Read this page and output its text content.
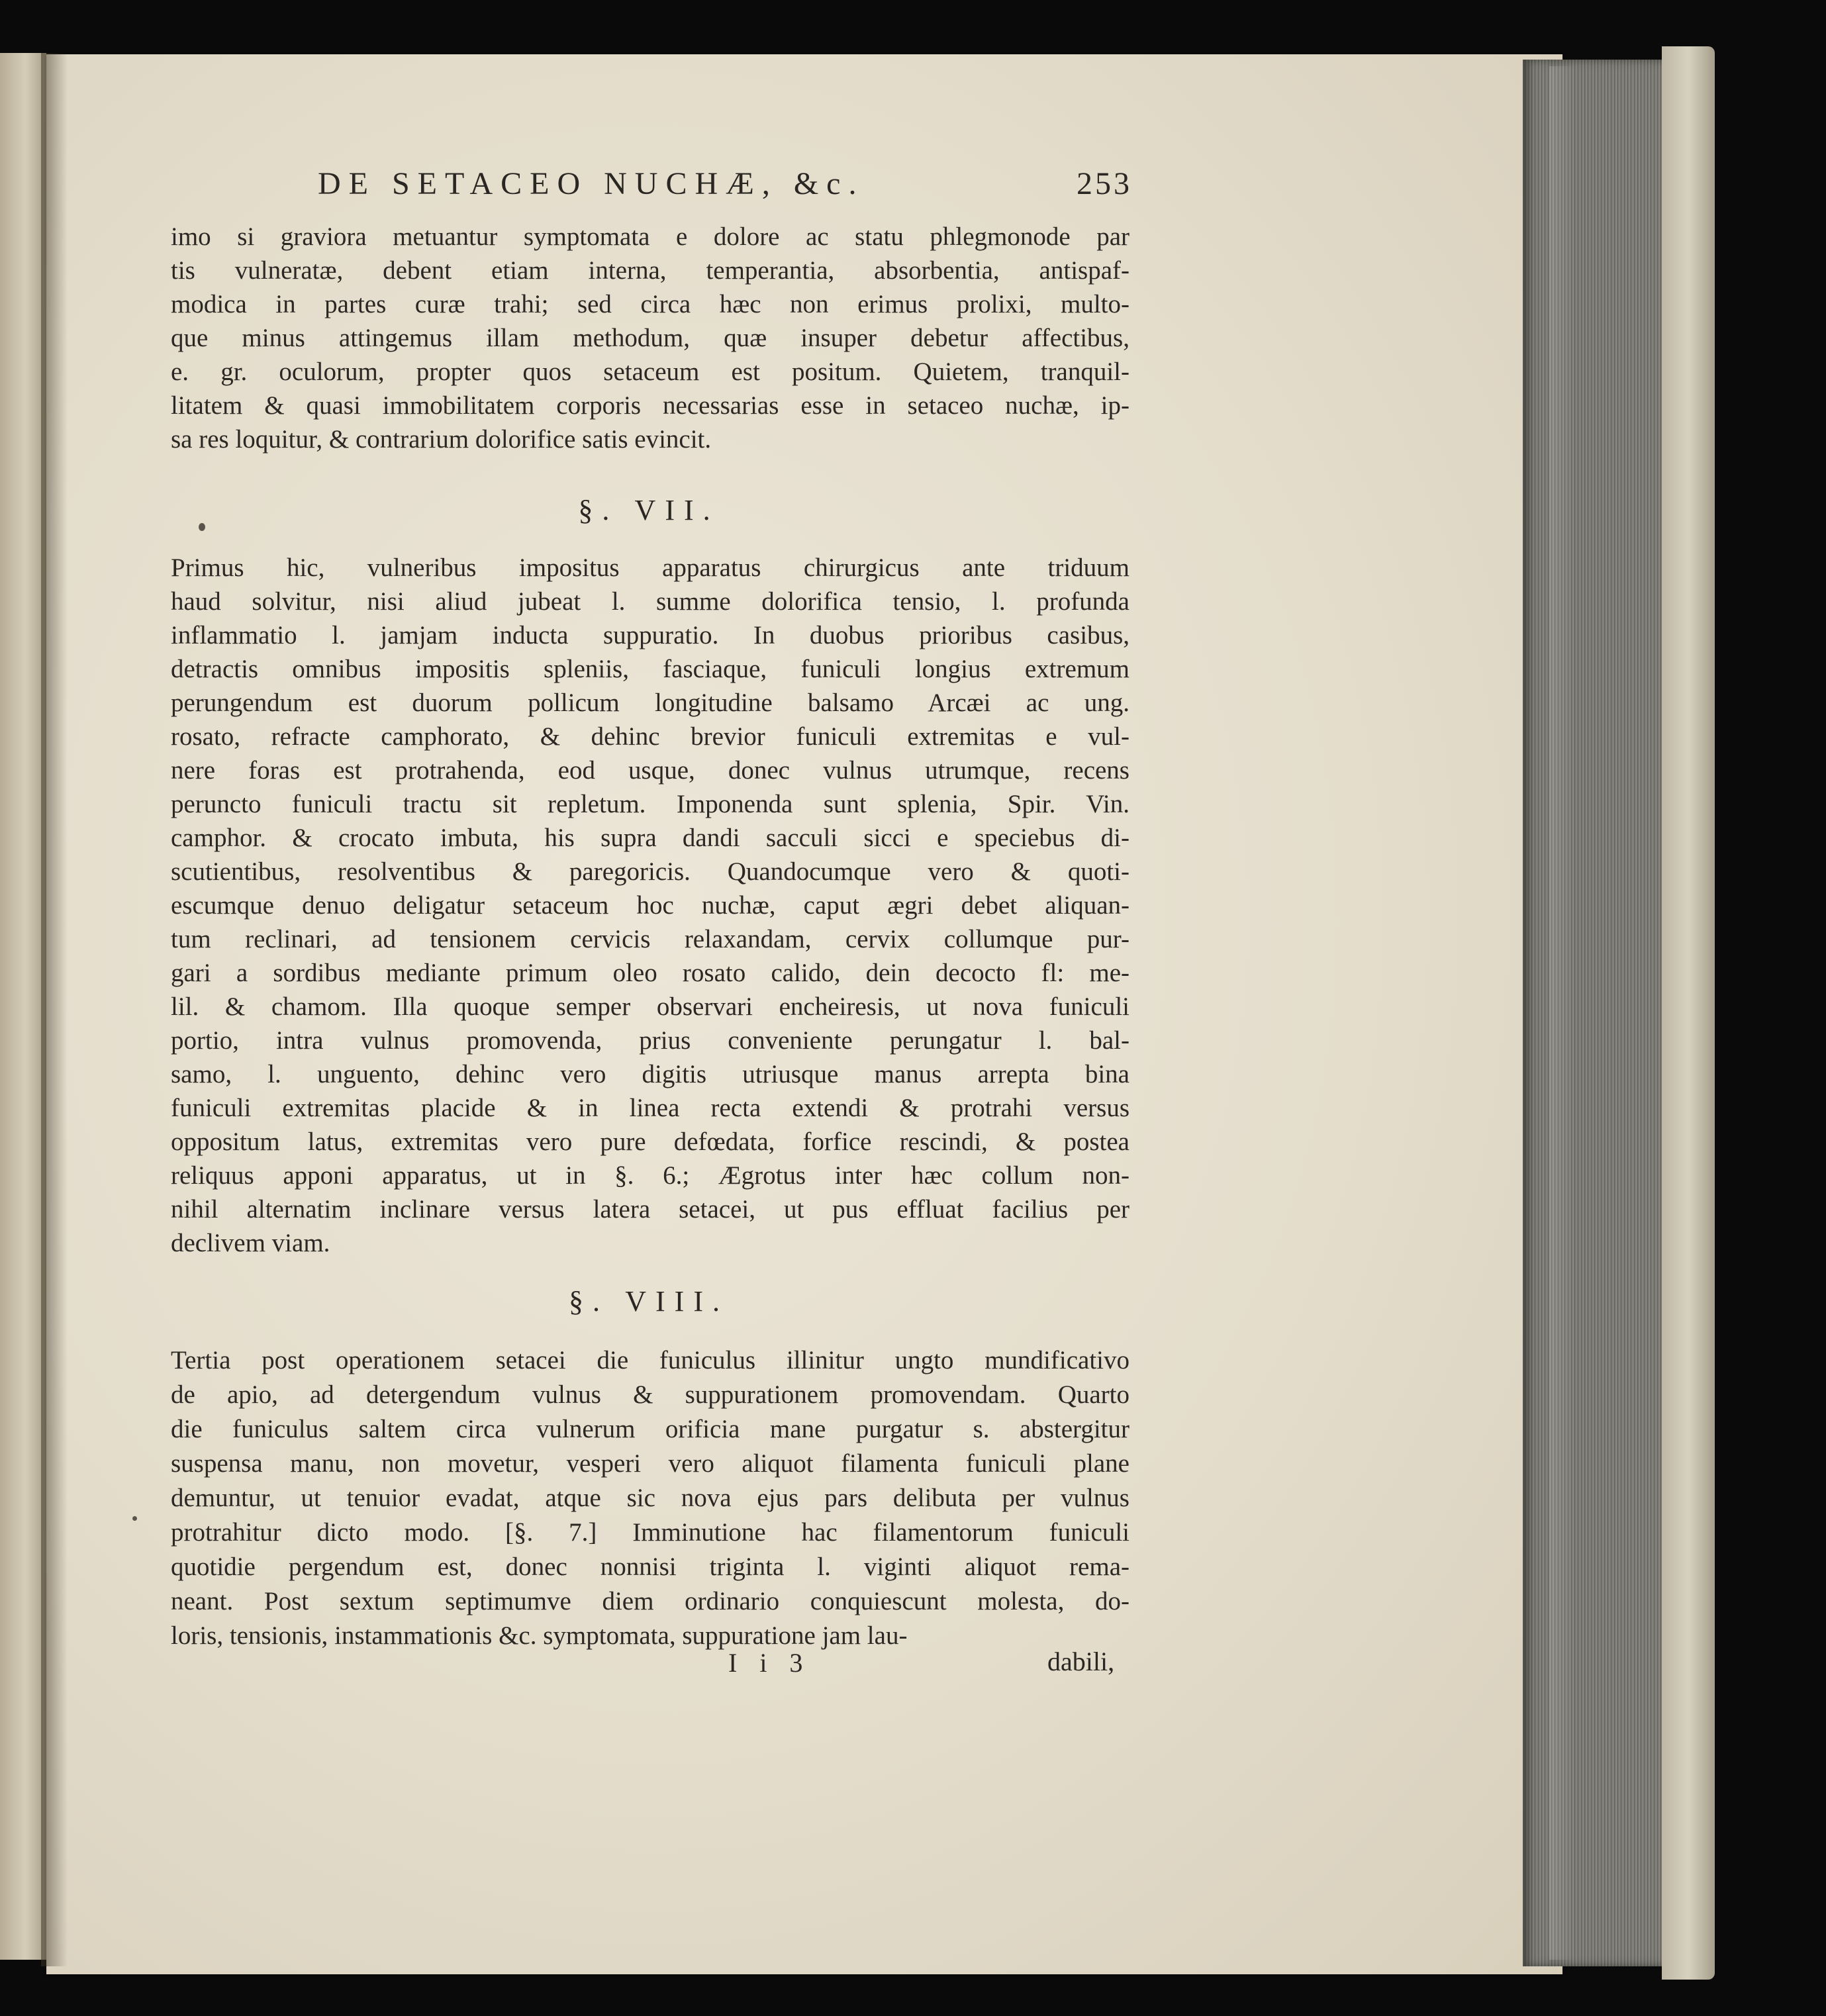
DE SETACEO NUCHÆ, &c.	253
imo si graviora metuantur symptomata e dolore ac statu phlegmonode par
tis vulneratæ, debent etiam interna, temperantia, absorbentia, antispaf-
modica in partes curæ trahi; sed circa hæc non erimus prolixi, multo-
que minus attingemus illam methodum, quæ insuper debetur affectibus,
e. gr. oculorum, propter quos setaceum est positum. Quietem, tranquil-
litatem & quasi immobilitatem corporis necessarias esse in setaceo nuchæ, ip-
sa res loquitur, & contrarium dolorifice satis evincit.
§. VII.
Primus hic, vulneribus impositus apparatus chirurgicus ante triduum
haud solvitur, nisi aliud jubeat l. summe dolorifica tensio, l. profunda
inflammatio l. jamjam inducta suppuratio. In duobus prioribus casibus,
detractis omnibus impositis spleniis, fasciaque, funiculi longius extremum
perungendum est duorum pollicum longitudine balsamo Arcæi ac ung.
rosato, refracte camphorato, & dehinc brevior funiculi extremitas e vul-
nere foras est protrahenda, eod usque, donec vulnus utrumque, recens
peruncto funiculi tractu sit repletum. Imponenda sunt splenia, Spir. Vin.
camphor. & crocato imbuta, his supra dandi sacculi sicci e speciebus di-
scutientibus, resolventibus & paregoricis. Quandocumque vero & quoti-
escumque denuo deligatur setaceum hoc nuchæ, caput ægri debet aliquan-
tum reclinari, ad tensionem cervicis relaxandam, cervix collumque pur-
gari a sordibus mediante primum oleo rosato calido, dein decocto fl: me-
lil. & chamom. Illa quoque semper observari encheiresis, ut nova funiculi
portio, intra vulnus promovenda, prius conveniente perungatur l. bal-
samo, l. unguento, dehinc vero digitis utriusque manus arrepta bina
funiculi extremitas placide & in linea recta extendi & protrahi versus
oppositum latus, extremitas vero pure defœdata, forfice rescindi, & postea
reliquus apponi apparatus, ut in §. 6.; Ægrotus inter hæc collum non-
nihil alternatim inclinare versus latera setacei, ut pus effluat facilius per
declivem viam.
§. VIII.
Tertia post operationem setacei die funiculus illinitur ungto mundificativo
de apio, ad detergendum vulnus & suppurationem promovendam. Quarto
die funiculus saltem circa vulnerum orificia mane purgatur s. abstergitur
suspensa manu, non movetur, vesperi vero aliquot filamenta funiculi plane
demuntur, ut tenuior evadat, atque sic nova ejus pars delibuta per vulnus
protrahitur dicto modo. [§. 7.] Imminutione hac filamentorum funiculi
quotidie pergendum est, donec nonnisi triginta l. viginti aliquot rema-
neant. Post sextum septimumve diem ordinario conquiescunt molesta, do-
loris, tensionis, instammationis &c. symptomata, suppuratione jam lau-
I i 3	dabili,
